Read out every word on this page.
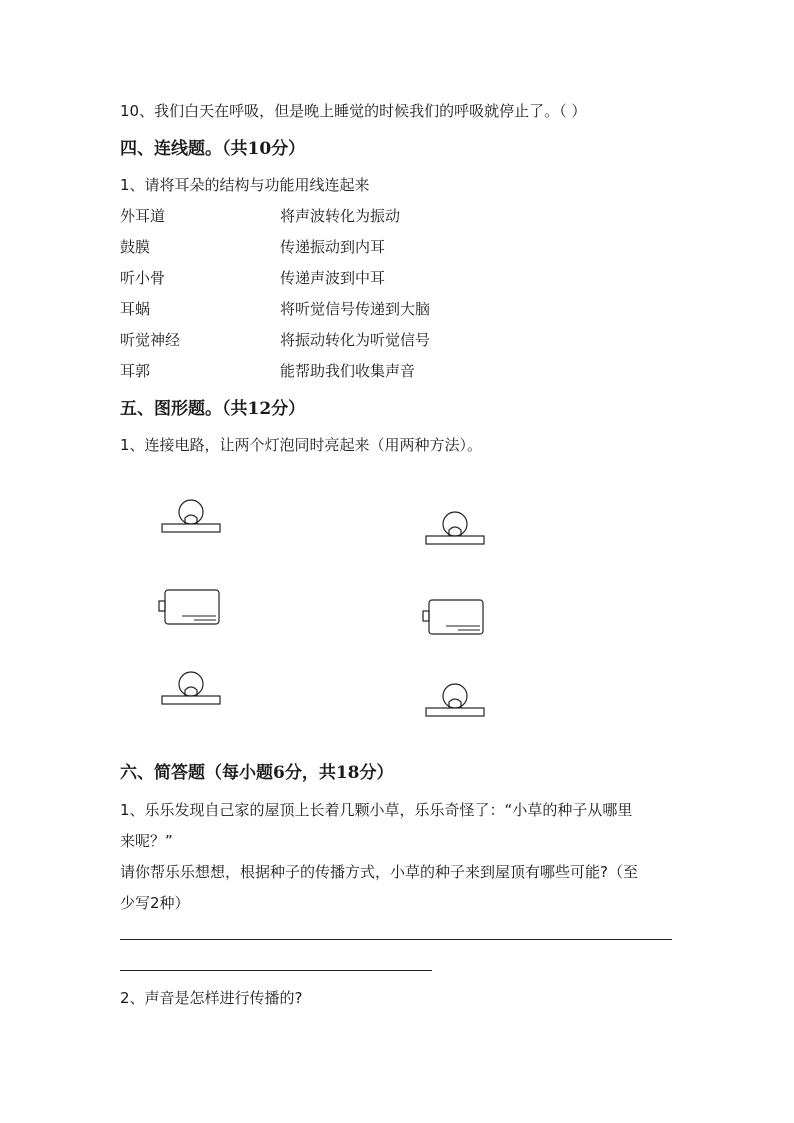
10、我们白天在呼吸，但是晚上睡觉的时候我们的呼吸就停止了。（ ）
四、连线题。（共10分）
1、请将耳朵的结构与功能用线连起来
外耳道	将声波转化为振动
鼓膜	传递振动到内耳
听小骨	传递声波到中耳
耳蜗	将听觉信号传递到大脑
听觉神经	将振动转化为听觉信号
耳郭	能帮助我们收集声音
五、图形题。（共12分）
1、连接电路，让两个灯泡同时亮起来（用两种方法）。
六、简答题（每小题6分，共18分）
1、乐乐发现自己家的屋顶上长着几颗小草，乐乐奇怪了：“小草的种子从哪里
来呢？”
请你帮乐乐想想，根据种子的传播方式，小草的种子来到屋顶有哪些可能?（至
少写2种）
2、声音是怎样进行传播的?
